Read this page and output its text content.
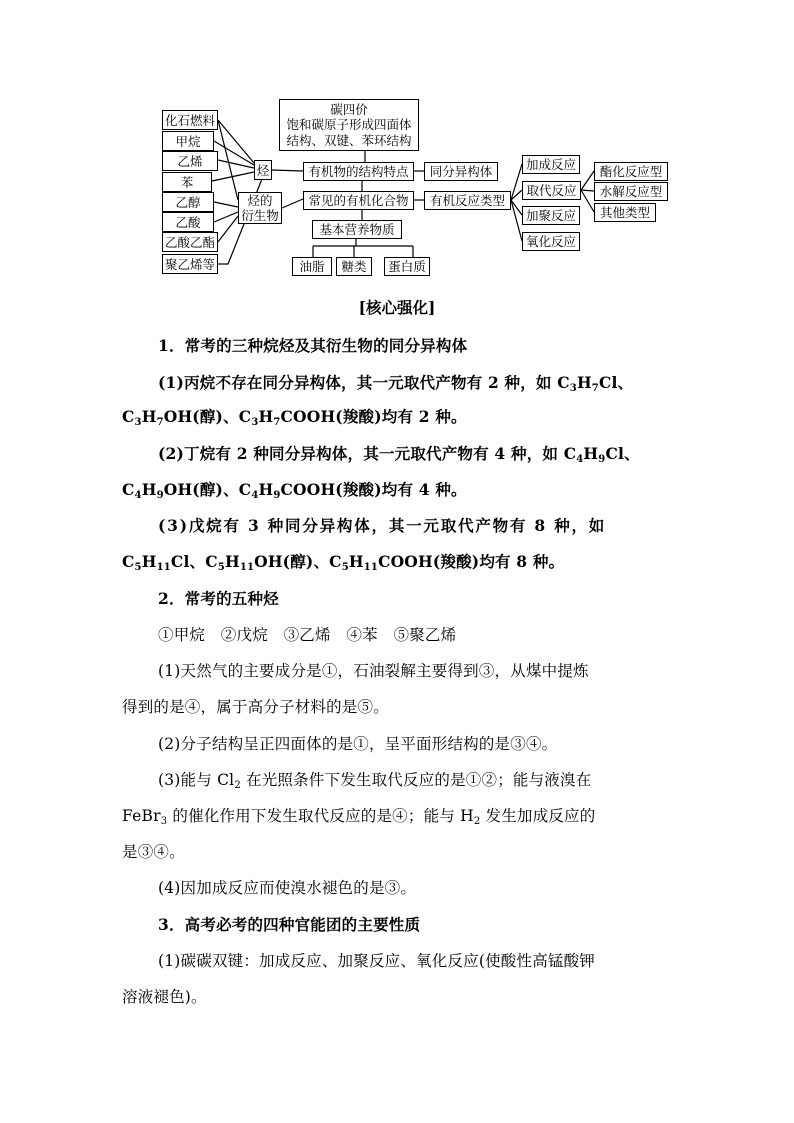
化石燃料
甲烷
乙烯
苯
乙醇
乙酸
乙酸乙酯
聚乙烯等
烃
烃的
衍生物
碳四价
饱和碳原子形成四面体
结构、双键、苯环结构
有机物的结构特点	同分异构体
常见的有机化合物	有机反应类型
基本营养物质
油脂	糖类	蛋白质
加成反应
取代反应
加聚反应
氧化反应
酯化反应型
水解反应型
其他类型
[核心强化]
1．常考的三种烷烃及其衍生物的同分异构体
(1)丙烷不存在同分异构体，其一元取代产物有 2 种，如 $C_3H_7Cl$、
$C_3H_7OH$(醇)、$C_3H_7COOH$(羧酸)均有 2 种。
(2)丁烷有 2 种同分异构体，其一元取代产物有 4 种，如 $C_4H_9Cl$、
$C_4H_9OH$(醇)、$C_4H_9COOH$(羧酸)均有 4 种。
(3)戊烷有 3 种同分异构体，其一元取代产物有 8 种，如
$C_5H_{11}Cl$、$C_5H_{11}OH$(醇)、$C_5H_{11}COOH$(羧酸)均有 8 种。
2．常考的五种烃
①甲烷　②戊烷　③乙烯　④苯　⑤聚乙烯
(1)天然气的主要成分是①，石油裂解主要得到③，从煤中提炼
得到的是④，属于高分子材料的是⑤。
(2)分子结构呈正四面体的是①，呈平面形结构的是③④。
(3)能与 $Cl_2$ 在光照条件下发生取代反应的是①②；能与液溴在
FeBr$_3$ 的催化作用下发生取代反应的是④；能与 $H_2$ 发生加成反应的
是③④。
(4)因加成反应而使溴水褪色的是③。
3．高考必考的四种官能团的主要性质
(1)碳碳双键：加成反应、加聚反应、氧化反应(使酸性高锰酸钾
溶液褪色)。
